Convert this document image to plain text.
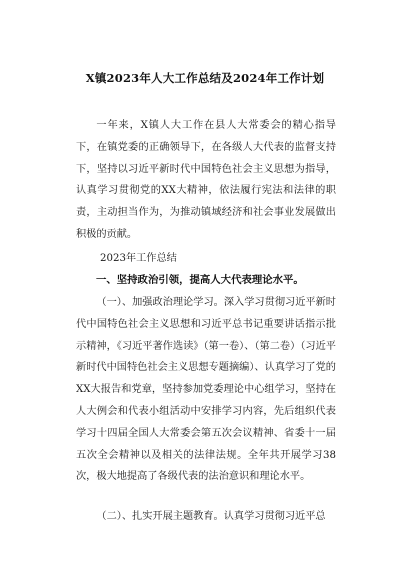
X镇2023年人大工作总结及2024年工作计划
一年来，X镇人大工作在县人大常委会的精心指导下，在镇党委的正确领导下，在各级人大代表的监督支持下，坚持以习近平新时代中国特色社会主义思想为指导，认真学习贯彻党的XX大精神，依法履行宪法和法律的职责，主动担当作为，为推动镇域经济和社会事业发展做出积极的贡献。
2023年工作总结
一、坚持政治引领，提高人大代表理论水平。
（一）、加强政治理论学习。深入学习贯彻习近平新时代中国特色社会主义思想和习近平总书记重要讲话指示批示精神，《习近平著作选读》（第一卷）、（第二卷）（习近平新时代中国特色社会主义思想专题摘编）、认真学习了党的XX大报告和党章，坚持参加党委理论中心组学习，坚持在人大例会和代表小组活动中安排学习内容，先后组织代表学习十四届全国人大常委会第五次会议精神、省委十一届五次全会精神以及相关的法律法规。全年共开展学习38次，极大地提高了各级代表的法治意识和理论水平。
（二）、扎实开展主题教育。认真学习贯彻习近平总
